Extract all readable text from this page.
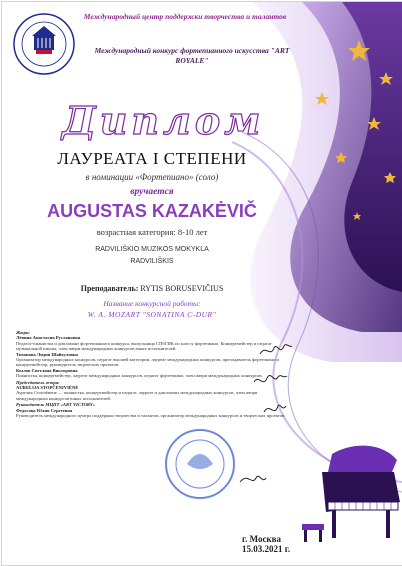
Международный центр поддержки творчества и талантов
Международный конкурс фортепианного искусства "ART ROYALE"
Диплом
ЛАУРЕАТА I СТЕПЕНИ
в номинации «Фортепиано» (соло)
вручается
AUGUSTAS KAZAKĖVIČ
возрастная категория: 8-10 лет
RADVILIŠKIO MUZIKOS MOKYKLA
RADVILIŠKIS
Преподаватель: RYTIS BORUSEVIČIUS
Название конкурсной работы:
W. A. MOZART "SONATINA C-DUR"
Жюри:
Лёвина Анастасия Руслановна
Педагог-пианистка и дипломант фортепианного конкурса, выпускница СПбГИК по классу фортепиано. Концертмейстер и педагог музыкальной школы, член жюри международных конкурсов юных исполнителей.
Тихонова Лидия Шайхуловна
Организатор международных конкурсов, педагог высшей категории, лауреат международных конкурсов, преподаватель фортепиано и концертмейстер, руководитель творческих проектов.
Козлов Светлана Викторовна
Пианистка, концертмейстер, лауреат международных конкурсов, педагог фортепиано, член жюри международных конкурсов.
Председатель жюри:
AURELIJA STOPČĖNIVIĖNĖ
Аурелия Стопчёнене — пианистка, концертмейстер и педагог, лауреат и дипломант международных конкурсов, член жюри международных конкурсов юных исполнителей.
Руководитель МЦПТ «ART VICTORY»
Федосова Юлия Сергеевна
Руководитель международного центра поддержки творчества и талантов, организатор международных конкурсов и творческих проектов.
г. Москва
15.03.2021 г.
